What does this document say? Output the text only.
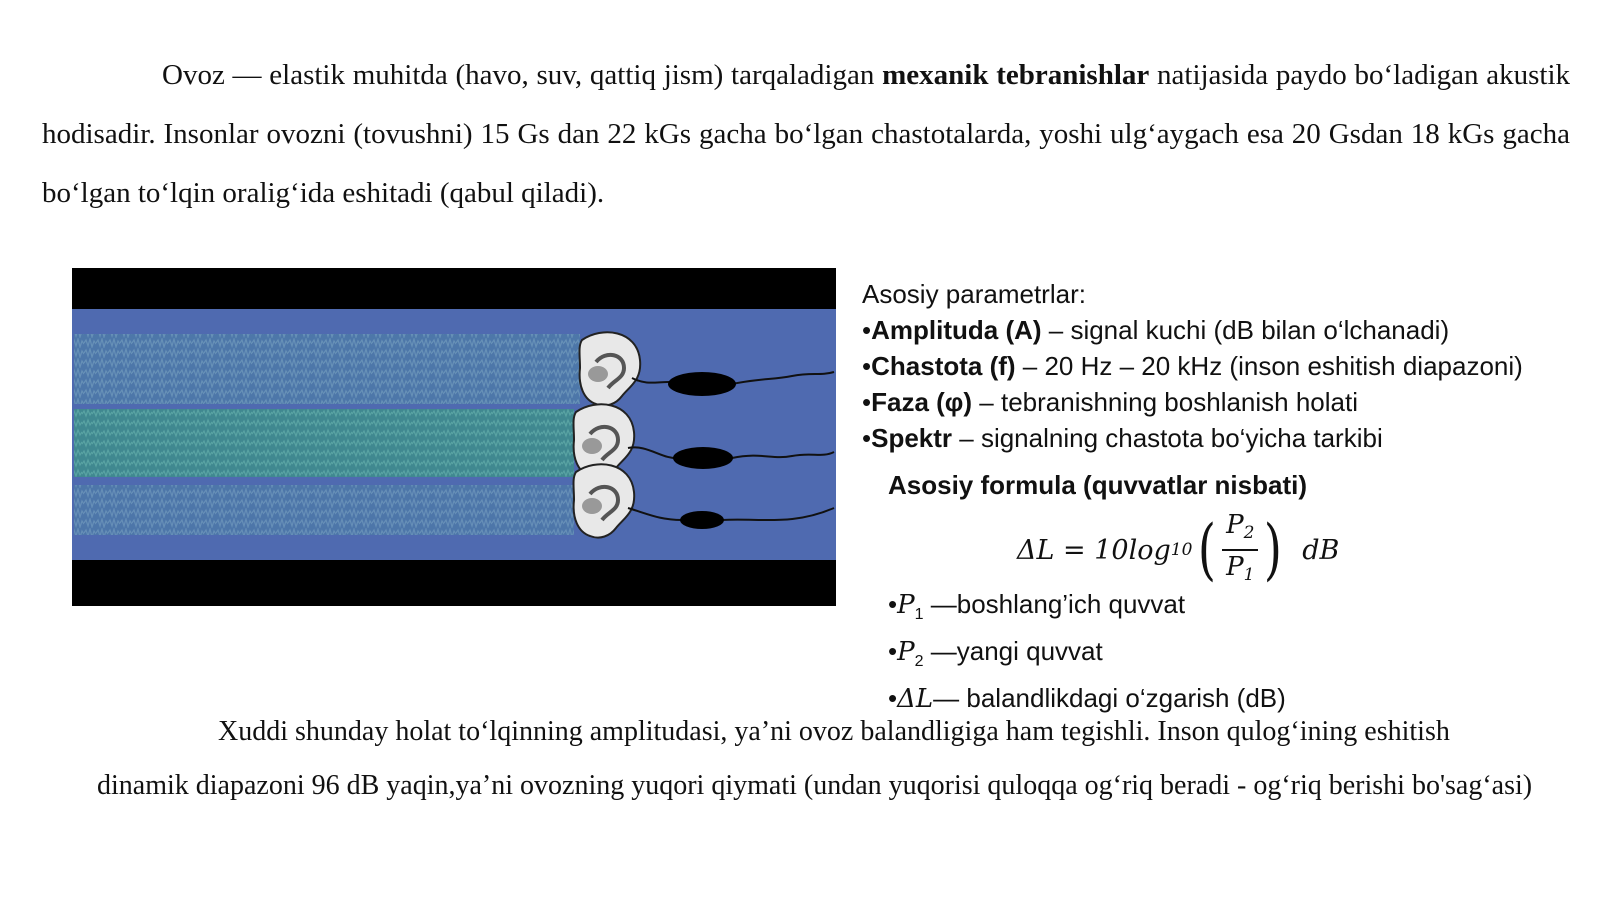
Ovoz — elastik muhitda (havo, suv, qattiq jism) tarqaladigan mexanik tebranishlar natijasida paydo bo‘ladigan akustik hodisadir. Insonlar ovozni (tovushni) 15 Gs dan 22 kGs gacha bo‘lgan chastotalarda, yoshi ulg‘aygach esa 20 Gsdan 18 kGs gacha bo‘lgan to‘lqin oralig‘ida eshitadi (qabul qiladi).

Asosiy parametrlar:
•Amplituda (A) – signal kuchi (dB bilan o‘lchanadi)
•Chastota (f) – 20 Hz – 20 kHz (inson eshitish diapazoni)
•Faza (φ) – tebranishning boshlanish holati
•Spektr – signalning chastota bo‘yicha tarkibi
Asosiy formula (quvvatlar nisbati)
ΔL = 10log 10 ( $\frac{P_2}{P_1}$ ) dB
$•P_1$ —boshlang’ich quvvat
$•P_2$ —yangi quvvat
•ΔL— balandlikdagi o‘zgarish (dB)

Xuddi shunday holat to‘lqinning amplitudasi, ya’ni ovoz balandligiga ham tegishli. Inson qulog‘ining eshitish dinamik diapazoni 96 dB yaqin,ya’ni ovozning yuqori qiymati (undan yuqorisi quloqqa og‘riq beradi - og‘riq berishi bo'sag‘asi)
